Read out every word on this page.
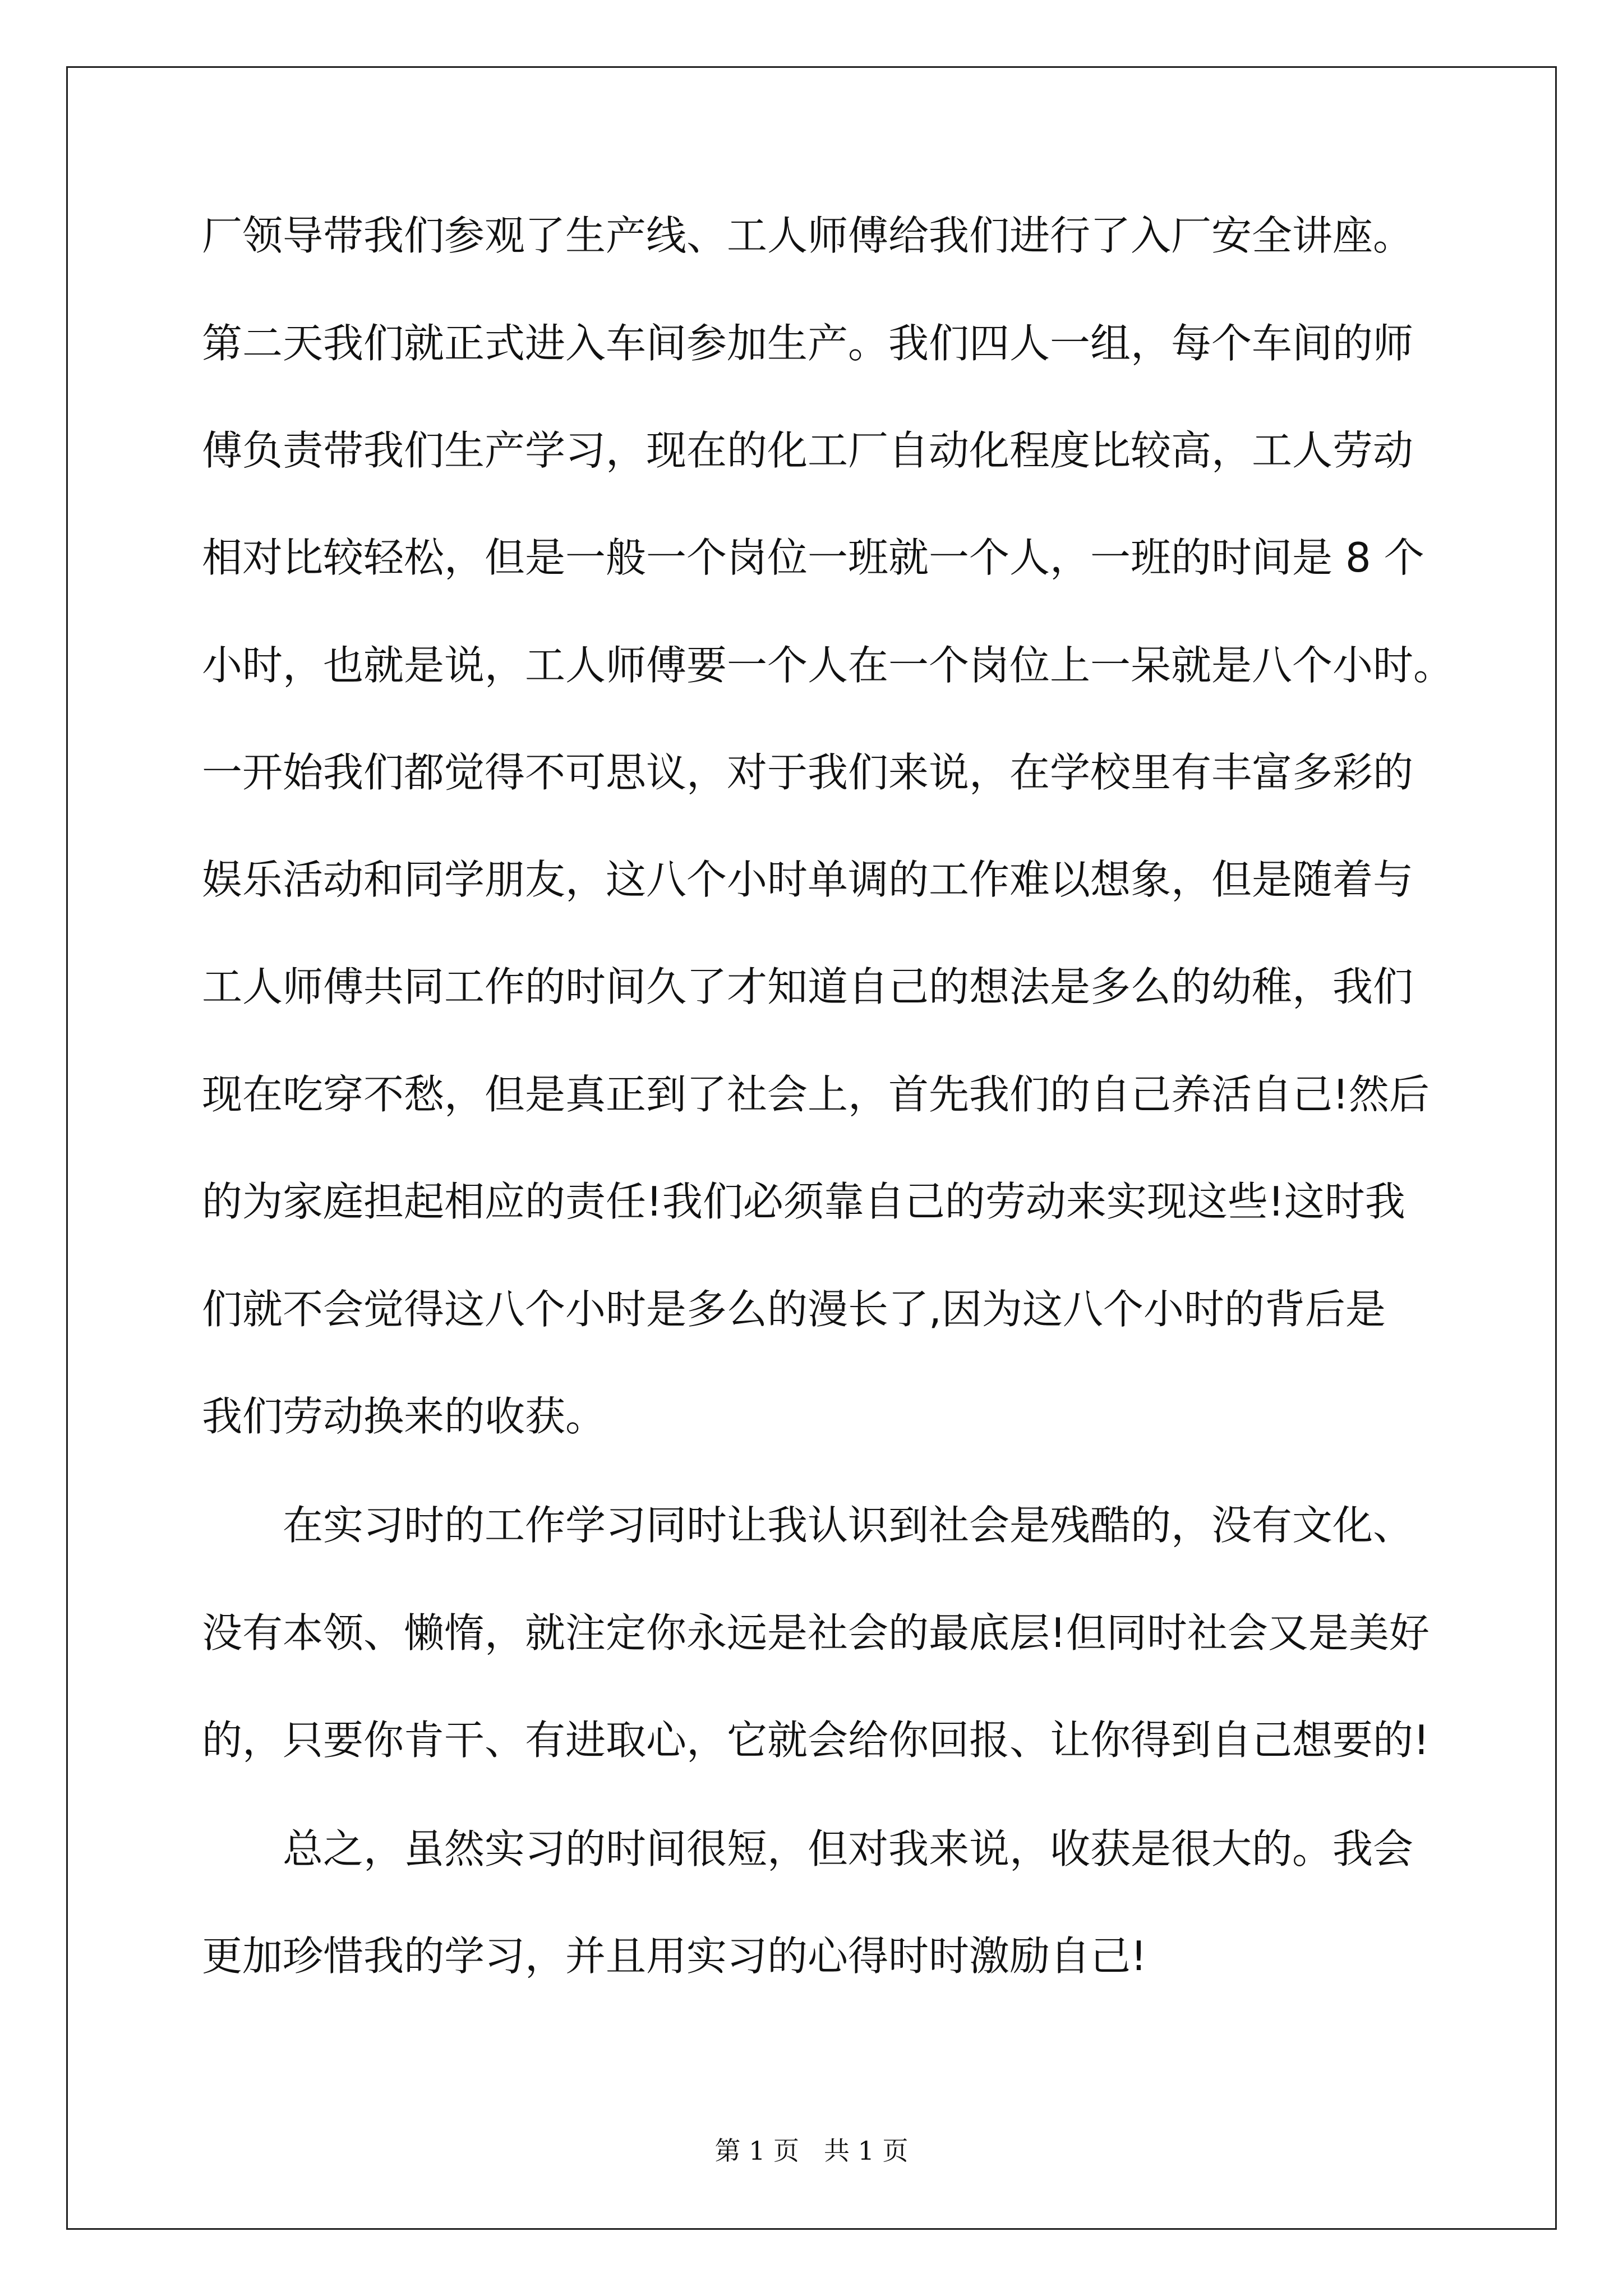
厂领导带我们参观了生产线、工人师傅给我们进行了入厂安全讲座。
第二天我们就正式进入车间参加生产。我们四人一组，每个车间的师
傅负责带我们生产学习，现在的化工厂自动化程度比较高，工人劳动
相对比较轻松，但是一般一个岗位一班就一个人，一班的时间是 8 个
小时，也就是说，工人师傅要一个人在一个岗位上一呆就是八个小时。
一开始我们都觉得不可思议，对于我们来说，在学校里有丰富多彩的
娱乐活动和同学朋友，这八个小时单调的工作难以想象，但是随着与
工人师傅共同工作的时间久了才知道自己的想法是多么的幼稚，我们
现在吃穿不愁，但是真正到了社会上，首先我们的自己养活自己!然后
的为家庭担起相应的责任!我们必须靠自己的劳动来实现这些!这时我
们就不会觉得这八个小时是多么的漫长了,因为这八个小时的背后是
我们劳动换来的收获。
在实习时的工作学习同时让我认识到社会是残酷的，没有文化、
没有本领、懒惰，就注定你永远是社会的最底层!但同时社会又是美好
的，只要你肯干、有进取心，它就会给你回报、让你得到自己想要的!
总之，虽然实习的时间很短，但对我来说，收获是很大的。我会
更加珍惜我的学习，并且用实习的心得时时激励自己!
第 1 页 共 1 页
